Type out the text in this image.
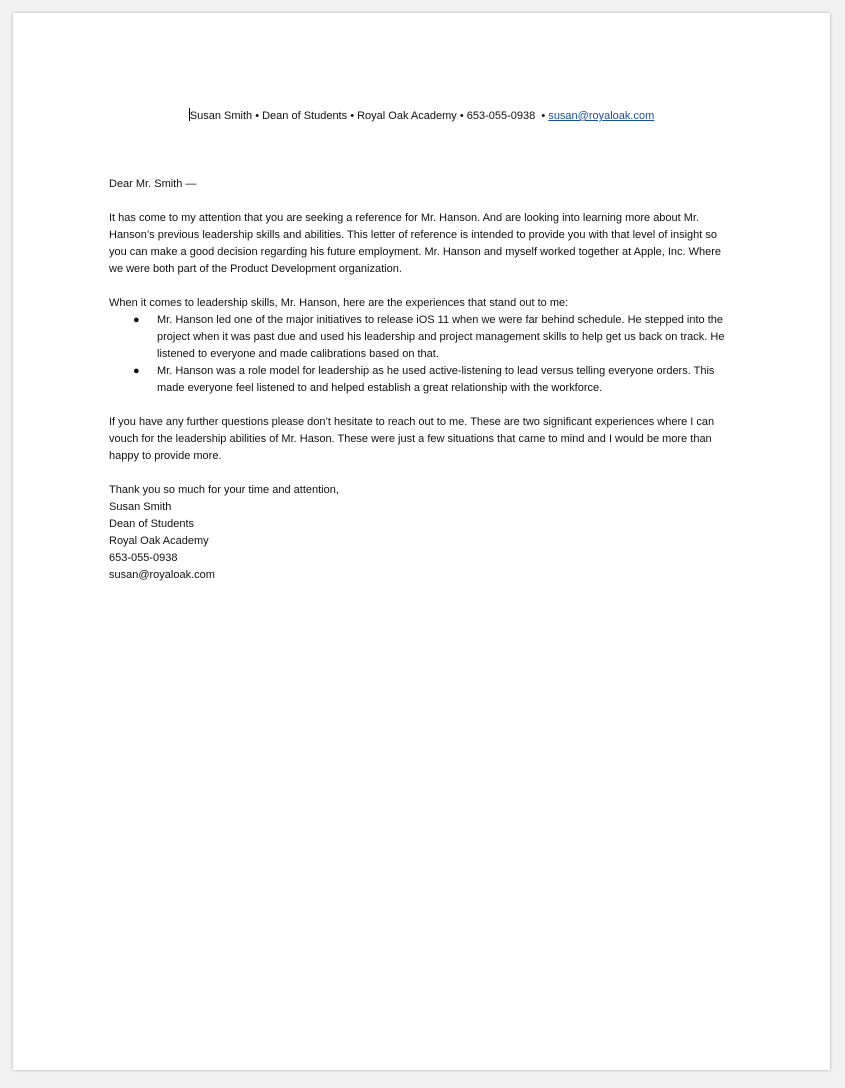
Susan Smith • Dean of Students • Royal Oak Academy • 653-055-0938 • susan@royaloak.com

Dear Mr. Smith —

It has come to my attention that you are seeking a reference for Mr. Hanson. And are looking into learning more about Mr. Hanson’s previous leadership skills and abilities. This letter of reference is intended to provide you with that level of insight so you can make a good decision regarding his future employment. Mr. Hanson and myself worked together at Apple, Inc. Where we were both part of the Product Development organization.

When it comes to leadership skills, Mr. Hanson, here are the experiences that stand out to me:

● Mr. Hanson led one of the major initiatives to release iOS 11 when we were far behind schedule. He stepped into the project when it was past due and used his leadership and project management skills to help get us back on track. He listened to everyone and made calibrations based on that.
● Mr. Hanson was a role model for leadership as he used active-listening to lead versus telling everyone orders. This made everyone feel listened to and helped establish a great relationship with the workforce.

If you have any further questions please don’t hesitate to reach out to me. These are two significant experiences where I can vouch for the leadership abilities of Mr. Hason. These were just a few situations that came to mind and I would be more than happy to provide more.

Thank you so much for your time and attention,

Susan Smith

Dean of Students

Royal Oak Academy

653-055-0938

susan@royaloak.com
